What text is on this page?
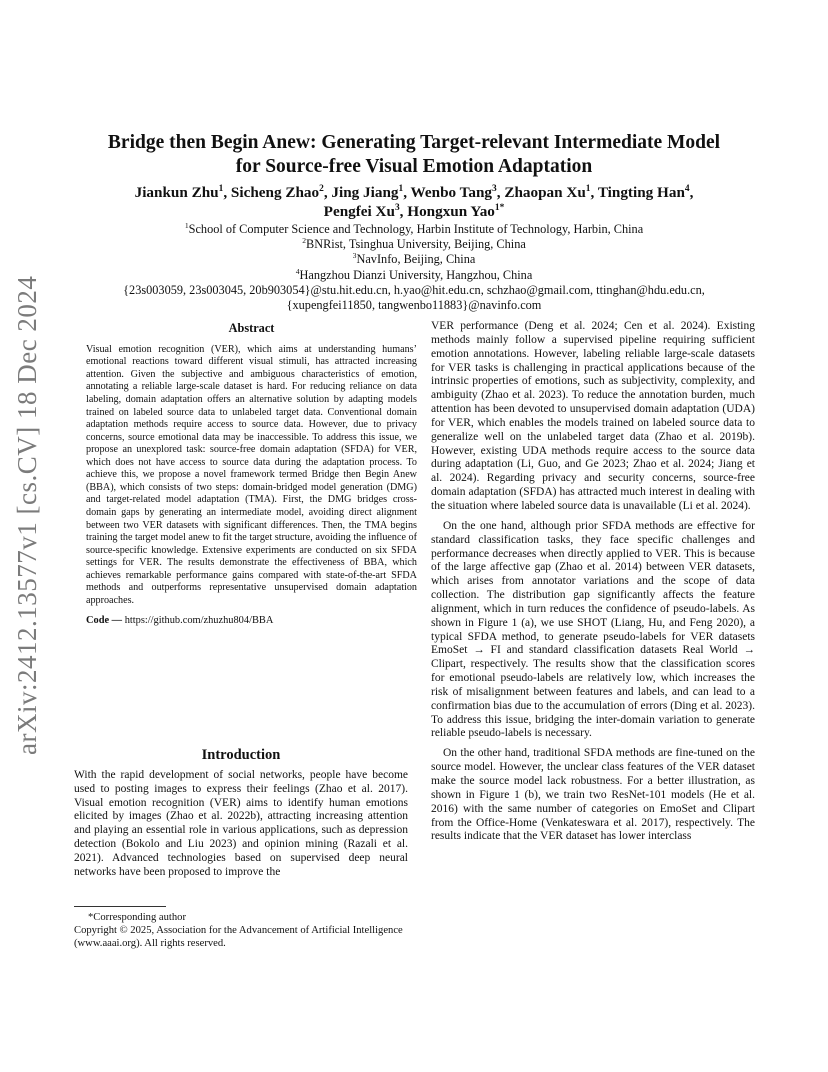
arXiv:2412.13577v1 [cs.CV] 18 Dec 2024
Bridge then Begin Anew: Generating Target-relevant Intermediate Model
for Source-free Visual Emotion Adaptation
Jiankun Zhu$^1$, Sicheng Zhao$^2$, Jing Jiang$^1$, Wenbo Tang$^3$, Zhaopan Xu$^1$, Tingting Han$^4$,
Pengfei Xu$^3$, Hongxun Yao$^{1*}$
$^1$School of Computer Science and Technology, Harbin Institute of Technology, Harbin, China
$^2$BNRist, Tsinghua University, Beijing, China
$^3$NavInfo, Beijing, China
$^4$Hangzhou Dianzi University, Hangzhou, China
{23s003059, 23s003045, 20b903054}@stu.hit.edu.cn, h.yao@hit.edu.cn, schzhao@gmail.com, ttinghan@hdu.edu.cn,
{xupengfei11850, tangwenbo11883}@navinfo.com
Abstract

Visual emotion recognition (VER), which aims at understanding humans’ emotional reactions toward different visual stimuli, has attracted increasing attention. Given the subjective and ambiguous characteristics of emotion, annotating a reliable large-scale dataset is hard. For reducing reliance on data labeling, domain adaptation offers an alternative solution by adapting models trained on labeled source data to unlabeled target data. Conventional domain adaptation methods require access to source data. However, due to privacy concerns, source emotional data may be inaccessible. To address this issue, we propose an unexplored task: source-free domain adaptation (SFDA) for VER, which does not have access to source data during the adaptation process. To achieve this, we propose a novel framework termed Bridge then Begin Anew (BBA), which consists of two steps: domain-bridged model generation (DMG) and target-related model adaptation (TMA). First, the DMG bridges cross-domain gaps by generating an intermediate model, avoiding direct alignment between two VER datasets with significant differences. Then, the TMA begins training the target model anew to fit the target structure, avoiding the influence of source-specific knowledge. Extensive experiments are conducted on six SFDA settings for VER. The results demonstrate the effectiveness of BBA, which achieves remarkable performance gains compared with state-of-the-art SFDA methods and outperforms representative unsupervised domain adaptation approaches.

Code — https://github.com/zhuzhu804/BBA
Introduction

With the rapid development of social networks, people have become used to posting images to express their feelings (Zhao et al. 2017). Visual emotion recognition (VER) aims to identify human emotions elicited by images (Zhao et al. 2022b), attracting increasing attention and playing an essential role in various applications, such as depression detection (Bokolo and Liu 2023) and opinion mining (Razali et al. 2021). Advanced technologies based on supervised deep neural networks have been proposed to improve the

VER performance (Deng et al. 2024; Cen et al. 2024). Existing methods mainly follow a supervised pipeline requiring sufficient emotion annotations. However, labeling reliable large-scale datasets for VER tasks is challenging in practical applications because of the intrinsic properties of emotions, such as subjectivity, complexity, and ambiguity (Zhao et al. 2023). To reduce the annotation burden, much attention has been devoted to unsupervised domain adaptation (UDA) for VER, which enables the models trained on labeled source data to generalize well on the unlabeled target data (Zhao et al. 2019b). However, existing UDA methods require access to the source data during adaptation (Li, Guo, and Ge 2023; Zhao et al. 2024; Jiang et al. 2024). Regarding privacy and security concerns, source-free domain adaptation (SFDA) has attracted much interest in dealing with the situation where labeled source data is unavailable (Li et al. 2024).

On the one hand, although prior SFDA methods are effective for standard classification tasks, they face specific challenges and performance decreases when directly applied to VER. This is because of the large affective gap (Zhao et al. 2014) between VER datasets, which arises from annotator variations and the scope of data collection. The distribution gap significantly affects the feature alignment, which in turn reduces the confidence of pseudo-labels. As shown in Figure 1 (a), we use SHOT (Liang, Hu, and Feng 2020), a typical SFDA method, to generate pseudo-labels for VER datasets EmoSet → FI and standard classification datasets Real World → Clipart, respectively. The results show that the classification scores for emotional pseudo-labels are relatively low, which increases the risk of misalignment between features and labels, and can lead to a confirmation bias due to the accumulation of errors (Ding et al. 2023). To address this issue, bridging the inter-domain variation to generate reliable pseudo-labels is necessary.

On the other hand, traditional SFDA methods are fine-tuned on the source model. However, the unclear class features of the VER dataset make the source model lack robustness. For a better illustration, as shown in Figure 1 (b), we train two ResNet-101 models (He et al. 2016) with the same number of categories on EmoSet and Clipart from the Office-Home (Venkateswara et al. 2017), respectively. The results indicate that the VER dataset has lower interclass

*Corresponding author

Copyright © 2025, Association for the Advancement of Artificial Intelligence (www.aaai.org). All rights reserved.
